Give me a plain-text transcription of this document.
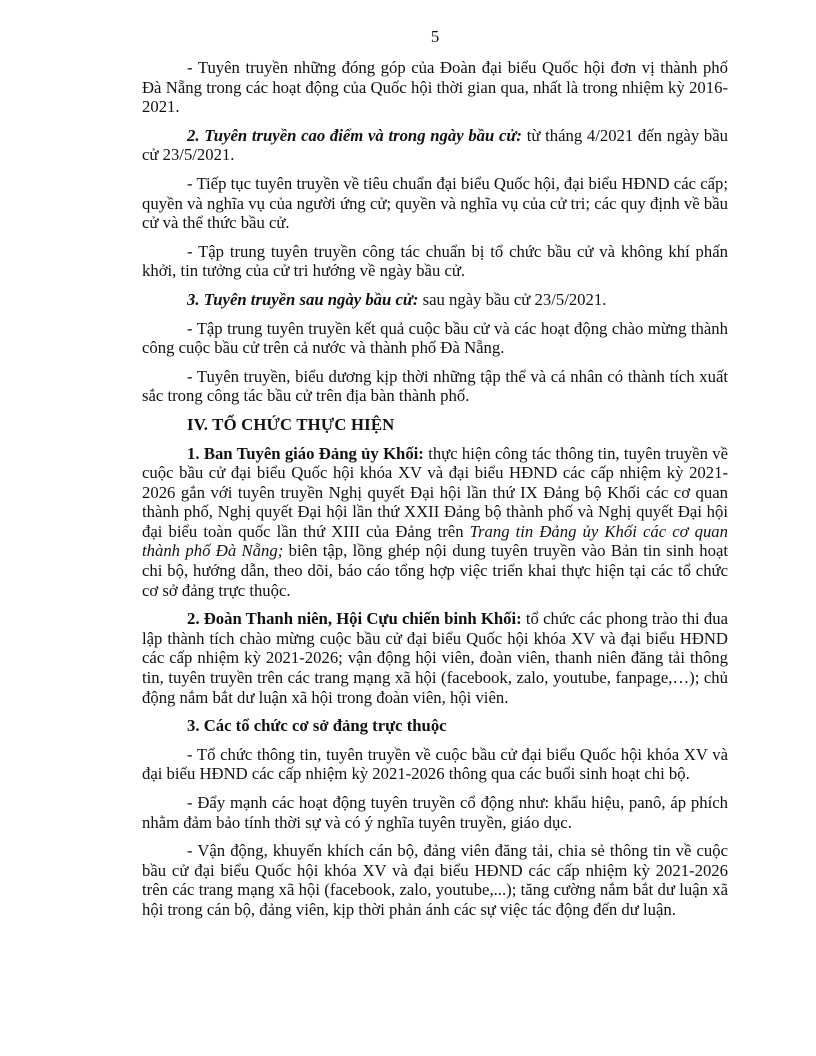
5

- Tuyên truyền những đóng góp của Đoàn đại biểu Quốc hội đơn vị thành phố Đà Nẵng trong các hoạt động của Quốc hội thời gian qua, nhất là trong nhiệm kỳ 2016-2021.

2. Tuyên truyền cao điểm và trong ngày bầu cử: từ tháng 4/2021 đến ngày bầu cử 23/5/2021.

- Tiếp tục tuyên truyền về tiêu chuẩn đại biểu Quốc hội, đại biểu HĐND các cấp; quyền và nghĩa vụ của người ứng cử; quyền và nghĩa vụ của cử tri; các quy định về bầu cử và thể thức bầu cử.

- Tập trung tuyên truyền công tác chuẩn bị tổ chức bầu cử và không khí phấn khởi, tin tưởng của cử tri hướng về ngày bầu cử.

3. Tuyên truyền sau ngày bầu cử: sau ngày bầu cử 23/5/2021.

- Tập trung tuyên truyền kết quả cuộc bầu cử và các hoạt động chào mừng thành công cuộc bầu cử trên cả nước và thành phố Đà Nẵng.

- Tuyên truyền, biểu dương kịp thời những tập thể và cá nhân có thành tích xuất sắc trong công tác bầu cử trên địa bàn thành phố.

IV. TỔ CHỨC THỰC HIỆN

1. Ban Tuyên giáo Đảng ủy Khối: thực hiện công tác thông tin, tuyên truyền về cuộc bầu cử đại biểu Quốc hội khóa XV và đại biểu HĐND các cấp nhiệm kỳ 2021-2026 gắn với tuyên truyền Nghị quyết Đại hội lần thứ IX Đảng bộ Khối các cơ quan thành phố, Nghị quyết Đại hội lần thứ XXII Đảng bộ thành phố và Nghị quyết Đại hội đại biểu toàn quốc lần thứ XIII của Đảng trên Trang tin Đảng ủy Khối các cơ quan thành phố Đà Nẵng; biên tập, lồng ghép nội dung tuyên truyền vào Bản tin sinh hoạt chi bộ, hướng dẫn, theo dõi, báo cáo tổng hợp việc triển khai thực hiện tại các tổ chức cơ sở đảng trực thuộc.

2. Đoàn Thanh niên, Hội Cựu chiến binh Khối: tổ chức các phong trào thi đua lập thành tích chào mừng cuộc bầu cử đại biểu Quốc hội khóa XV và đại biểu HĐND các cấp nhiệm kỳ 2021-2026; vận động hội viên, đoàn viên, thanh niên đăng tải thông tin, tuyên truyền trên các trang mạng xã hội (facebook, zalo, youtube, fanpage,…); chủ động nắm bắt dư luận xã hội trong đoàn viên, hội viên.

3. Các tổ chức cơ sở đảng trực thuộc

- Tổ chức thông tin, tuyên truyền về cuộc bầu cử đại biểu Quốc hội khóa XV và đại biểu HĐND các cấp nhiệm kỳ 2021-2026 thông qua các buổi sinh hoạt chi bộ.

- Đẩy mạnh các hoạt động tuyên truyền cổ động như: khẩu hiệu, panô, áp phích nhằm đảm bảo tính thời sự và có ý nghĩa tuyên truyền, giáo dục.

- Vận động, khuyến khích cán bộ, đảng viên đăng tải, chia sẻ thông tin về cuộc bầu cử đại biểu Quốc hội khóa XV và đại biểu HĐND các cấp nhiệm kỳ 2021-2026 trên các trang mạng xã hội (facebook, zalo, youtube,...); tăng cường nắm bắt dư luận xã hội trong cán bộ, đảng viên, kịp thời phản ánh các sự việc tác động đến dư luận.
